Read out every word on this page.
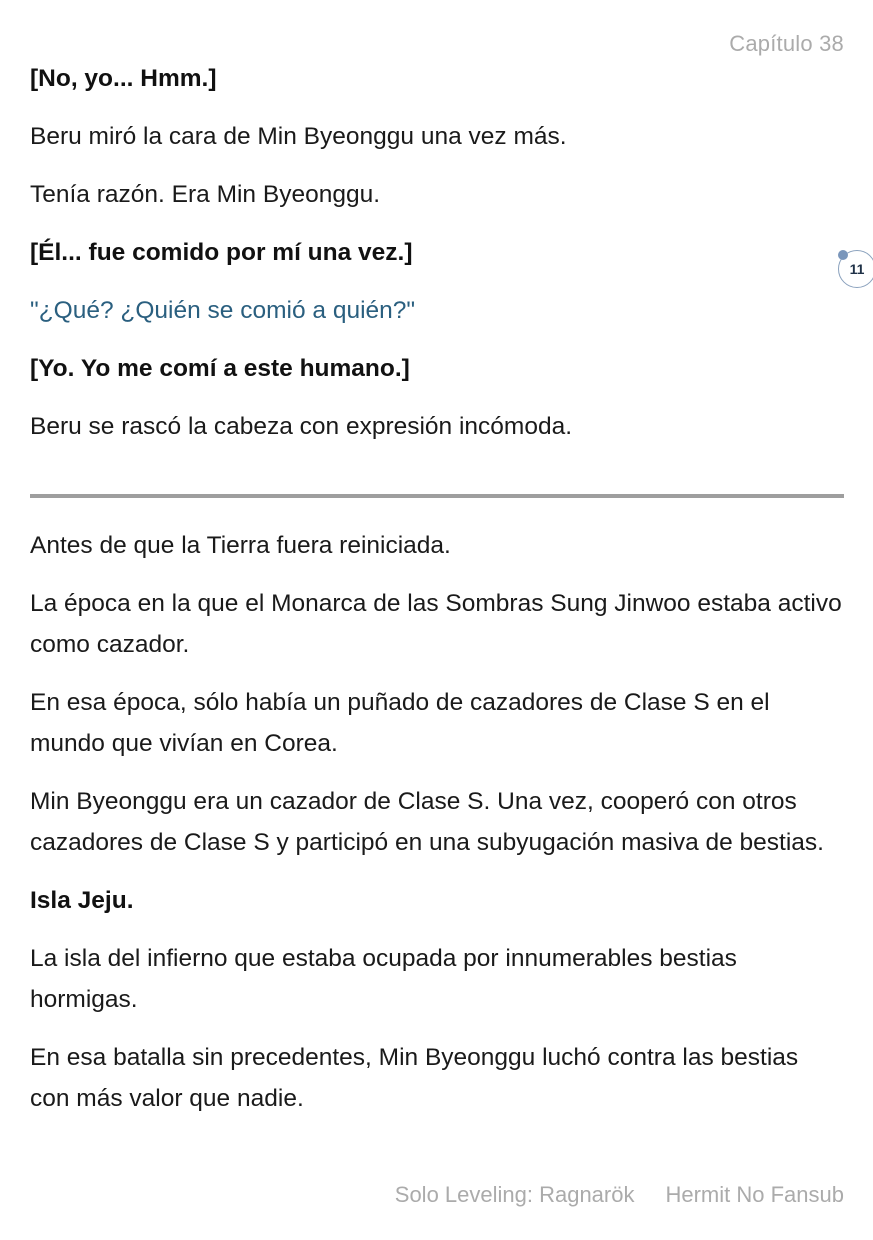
Capítulo 38
11

[No, yo... Hmm.]

Beru miró la cara de Min Byeonggu una vez más.

Tenía razón. Era Min Byeonggu.

[Él... fue comido por mí una vez.]

"¿Qué? ¿Quién se comió a quién?"

[Yo. Yo me comí a este humano.]

Beru se rascó la cabeza con expresión incómoda.

Antes de que la Tierra fuera reiniciada.

La época en la que el Monarca de las Sombras Sung Jinwoo estaba activo como cazador.

En esa época, sólo había un puñado de cazadores de Clase S en el mundo que vivían en Corea.

Min Byeonggu era un cazador de Clase S. Una vez, cooperó con otros cazadores de Clase S y participó en una subyugación masiva de bestias.

Isla Jeju.

La isla del infierno que estaba ocupada por innumerables bestias hormigas.

En esa batalla sin precedentes, Min Byeonggu luchó contra las bestias con más valor que nadie.

Solo Leveling: Ragnarök Hermit No Fansub
